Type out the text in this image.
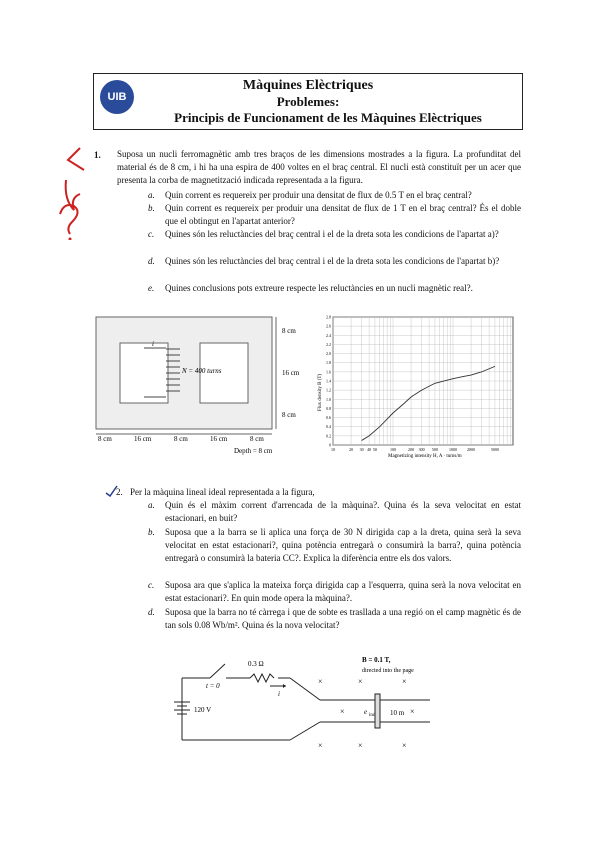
UIB
Màquines Elèctriques
Problemes:
Principis de Funcionament de les Màquines Elèctriques
1. Suposa un nucli ferromagnètic amb tres braços de les dimensions mostrades a la figura. La profunditat del material és de 8 cm, i hi ha una espira de 400 voltes en el braç central. El nucli està constituït per un acer que presenta la corba de magnetització indicada representada a la figura.
a. Quin corrent es requereix per produir una densitat de flux de 0.5 T en el braç central?
b. Quin corrent es requereix per produir una densitat de flux de 1 T en el braç central? És el doble que el obtingut en l'apartat anterior?
c. Quines són les reluctàncies del braç central i el de la dreta sota les condicions de l'apartat a)?
d. Quines són les reluctàncies del braç central i el de la dreta sota les condicions de l'apartat b)?
e. Quines conclusions pots extreure respecte les reluctàncies en un nucli magnètic real?.
i
N = 400 turns
8 cm
16 cm
8 cm
8 cm	16 cm	8 cm	16 cm	8 cm
Depth = 8 cm
Flux density B (T)
Magnetizing intensity H, A · turns/m
0
0.2
0.4
0.6
0.8
1.0
1.2
1.4
1.6
1.8
2.0
2.2
2.4
2.6
2.8
10	20 30 40 50	100	200 300 500	1000	2000	5000
2. Per la màquina lineal ideal representada a la figura,
a. Quin és el màxim corrent d'arrencada de la màquina?. Quina és la seva velocitat en estat estacionari, en buit?
b. Suposa que a la barra se li aplica una força de 30 N dirigida cap a la dreta, quina serà la seva velocitat en estat estacionari?, quina potència entregarà o consumirà la barra?, quina potència entregarà o consumirà la bateria CC?. Explica la diferència entre els dos valors.
c. Suposa ara que s'aplica la mateixa força dirigida cap a l'esquerra, quina serà la nova velocitat en estat estacionari?. En quin mode opera la màquina?.
d. Suposa que la barra no té càrrega i que de sobte es trasllada a una regió on el camp magnètic és de tan sols 0.08 Wb/m². Quina és la nova velocitat?
0.3 Ω
t = 0
i
120 V
B = 0.1 T,
directed into the page
e ind 10 m
×	×	×
×
×	×	×
×
